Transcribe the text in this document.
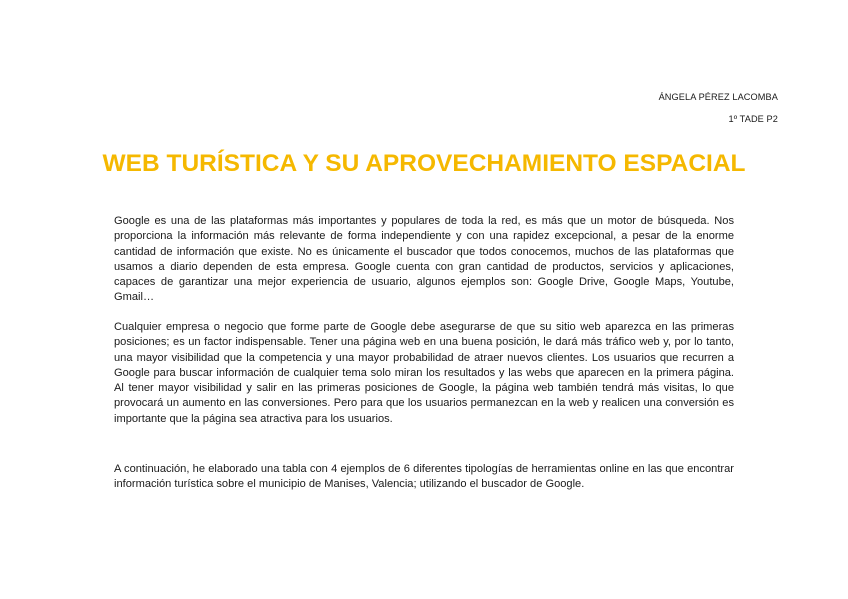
ÁNGELA PÉREZ LACOMBA
1º TADE P2
WEB TURÍSTICA Y SU APROVECHAMIENTO ESPACIAL

Google es una de las plataformas más importantes y populares de toda la red, es más que un motor de búsqueda. Nos proporciona la información más relevante de forma independiente y con una rapidez excepcional, a pesar de la enorme cantidad de información que existe. No es únicamente el buscador que todos conocemos, muchos de las plataformas que usamos a diario dependen de esta empresa. Google cuenta con gran cantidad de productos, servicios y aplicaciones, capaces de garantizar una mejor experiencia de usuario, algunos ejemplos son: Google Drive, Google Maps, Youtube, Gmail…

Cualquier empresa o negocio que forme parte de Google debe asegurarse de que su sitio web aparezca en las primeras posiciones; es un factor indispensable. Tener una página web en una buena posición, le dará más tráfico web y, por lo tanto, una mayor visibilidad que la competencia y una mayor probabilidad de atraer nuevos clientes. Los usuarios que recurren a Google para buscar información de cualquier tema solo miran los resultados y las webs que aparecen en la primera página. Al tener mayor visibilidad y salir en las primeras posiciones de Google, la página web también tendrá más visitas, lo que provocará un aumento en las conversiones. Pero para que los usuarios permanezcan en la web y realicen una conversión es importante que la página sea atractiva para los usuarios.

A continuación, he elaborado una tabla con 4 ejemplos de 6 diferentes tipologías de herramientas online en las que encontrar información turística sobre el municipio de Manises, Valencia; utilizando el buscador de Google.
